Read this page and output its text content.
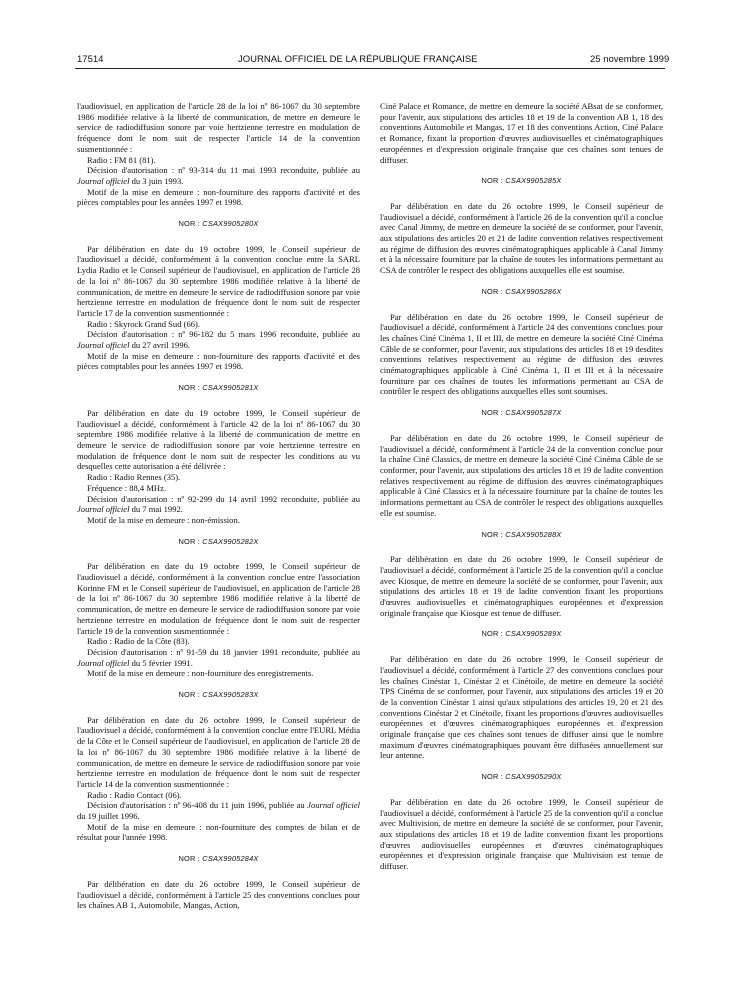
17514	JOURNAL OFFICIEL DE LA RÉPUBLIQUE FRANÇAISE	25 novembre 1999

l'audiovisuel, en application de l'article 28 de la loi nº 86-1067 du 30 septembre 1986 modifiée relative à la liberté de communication, de mettre en demeure le service de radiodiffusion sonore par voie hertzienne terrestre en modulation de fréquence dont le nom suit de respecter l'article 14 de la convention susmentionnée :

Radio : FM 81 (81).

Décision d'autorisation : nº 93-314 du 11 mai 1993 reconduite, publiée au Journal officiel du 3 juin 1993.

Motif de la mise en demeure : non-fourniture des rapports d'activité et des pièces comptables pour les années 1997 et 1998.

NOR : CSAX9905280X

Par délibération en date du 19 octobre 1999, le Conseil supérieur de l'audiovisuel a décidé, conformément à la convention conclue entre la SARL Lydia Radio et le Conseil supérieur de l'audiovisuel, en application de l'article 28 de la loi nº 86-1067 du 30 septembre 1986 modifiée relative à la liberté de communication, de mettre en demeure le service de radiodiffusion sonore par voie hertzienne terrestre en modulation de fréquence dont le nom suit de respecter l'article 17 de la convention susmentionnée :

Radio : Skyrock Grand Sud (66).

Décision d'autorisation : nº 96-182 du 5 mars 1996 reconduite, publiée au Journal officiel du 27 avril 1996.

Motif de la mise en demeure : non-fourniture des rapports d'activité et des pièces comptables pour les années 1997 et 1998.

NOR : CSAX9905281X

Par délibération en date du 19 octobre 1999, le Conseil supérieur de l'audiovisuel a décidé, conformément à l'article 42 de la loi nº 86-1067 du 30 septembre 1986 modifiée relative à la liberté de communication de mettre en demeure le service de radiodiffusion sonore par voie hertzienne terrestre en modulation de fréquence dont le nom suit de respecter les conditions au vu desquelles cette autorisation a été délivrée :

Radio : Radio Rennes (35).

Fréquence : 88,4 MHz.

Décision d'autorisation : nº 92-299 du 14 avril 1992 reconduite, publiée au Journal officiel du 7 mai 1992.

Motif de la mise en demeure : non-émission.

NOR : CSAX9905282X

Par délibération en date du 19 octobre 1999, le Conseil supérieur de l'audiovisuel a décidé, conformément à la convention conclue entre l'association Korinne FM et le Conseil supérieur de l'audiovisuel, en application de l'article 28 de la loi nº 86-1067 du 30 septembre 1986 modifiée relative à la liberté de communication, de mettre en demeure le service de radiodiffusion sonore par voie hertzienne terrestre en modulation de fréquence dont le nom suit de respecter l'article 19 de la convention susmentionnée :

Radio : Radio de la Côte (83).

Décision d'autorisation : nº 91-59 du 18 janvier 1991 reconduite, publiée au Journal officiel du 5 février 1991.

Motif de la mise en demeure : non-fourniture des enregistrements.

NOR : CSAX9905283X

Par délibération en date du 26 octobre 1999, le Conseil supérieur de l'audiovisuel a décidé, conformément à la convention conclue entre l'EURL Média de la Côte et le Conseil supérieur de l'audiovisuel, en application de l'article 28 de la loi nº 86-1067 du 30 septembre 1986 modifiée relative à la liberté de communication, de mettre en demeure le service de radiodiffusion sonore par voie hertzienne terrestre en modulation de fréquence dont le nom suit de respecter l'article 14 de la convention susmentionnée :

Radio : Radio Contact (06).

Décision d'autorisation : nº 96-408 du 11 juin 1996, publiée au Journal officiel du 19 juillet 1996.

Motif de la mise en demeure : non-fourniture des comptes de bilan et de résultat pour l'année 1998.

NOR : CSAX9905284X

Par délibération en date du 26 octobre 1999, le Conseil supérieur de l'audiovisuel a décidé, conformément à l'article 25 des conventions conclues pour les chaînes AB 1, Automobile, Mangas, Action,

Ciné Palace et Romance, de mettre en demeure la société ABsat de se conformer, pour l'avenir, aux stipulations des articles 18 et 19 de la convention AB 1, 18 des conventions Automobile et Mangas, 17 et 18 des conventions Action, Ciné Palace et Romance, fixant la proportion d'œuvres audiovisuelles et cinématographiques européennes et d'expression originale française que ces chaînes sont tenues de diffuser.

NOR : CSAX9905285X

Par délibération en date du 26 octobre 1999, le Conseil supérieur de l'audiovisuel a décidé, conformément à l'article 26 de la convention qu'il a conclue avec Canal Jimmy, de mettre en demeure la société de se conformer, pour l'avenir, aux stipulations des articles 20 et 21 de ladite convention relatives respectivement au régime de diffusion des œuvres cinématographiques applicable à Canal Jimmy et à la nécessaire fourniture par la chaîne de toutes les informations permettant au CSA de contrôler le respect des obligations auxquelles elle est soumise.

NOR : CSAX9905286X

Par délibération en date du 26 octobre 1999, le Conseil supérieur de l'audiovisuel a décidé, conformément à l'article 24 des conventions conclues pour les chaînes Ciné Cinéma 1, II et III, de mettre en demeure la société Ciné Cinéma Câble de se conformer, pour l'avenir, aux stipulations des articles 18 et 19 desdites conventions relatives respectivement au régime de diffusion des œuvres cinématographiques applicable à Ciné Cinéma 1, II et III et à la nécessaire fourniture par ces chaînes de toutes les informations permettant au CSA de contrôler le respect des obligations auxquelles elles sont soumises.

NOR : CSAX9905287X

Par délibération en date du 26 octobre 1999, le Conseil supérieur de l'audiovisuel a décidé, conformément à l'article 24 de la convention conclue pour la chaîne Ciné Classics, de mettre en demeure la société Ciné Cinéma Câble de se conformer, pour l'avenir, aux stipulations des articles 18 et 19 de ladite convention relatives respectivement au régime de diffusion des œuvres cinématographiques applicable à Ciné Classics et à la nécessaire fourniture par la chaîne de toutes les informations permettant au CSA de contrôler le respect des obligations auxquelles elle est soumise.

NOR : CSAX9905288X

Par délibération en date du 26 octobre 1999, le Conseil supérieur de l'audiovisuel a décidé, conformément à l'article 25 de la convention qu'il a conclue avec Kiosque, de mettre en demeure la société de se conformer, pour l'avenir, aux stipulations des articles 18 et 19 de ladite convention fixant les proportions d'œuvres audiovisuelles et cinématographiques européennes et d'expression originale française que Kiosque est tenue de diffuser.

NOR : CSAX9905289X

Par délibération en date du 26 octobre 1999, le Conseil supérieur de l'audiovisuel a décidé, conformément à l'article 27 des conventions conclues pour les chaînes Cinéstar 1, Cinéstar 2 et Cinétoile, de mettre en demeure la société TPS Cinéma de se conformer, pour l'avenir, aux stipulations des articles 19 et 20 de la convention Cinéstar 1 ainsi qu'aux stipulations des articles 19, 20 et 21 des conventions Cinéstar 2 et Cinétoile, fixant les proportions d'œuvres audiovisuelles européennes et d'œuvres cinématographiques européennes et d'expression originale française que ces chaînes sont tenues de diffuser ainsi que le nombre maximum d'œuvres cinématographiques pouvant être diffusées annuellement sur leur antenne.

NOR : CSAX9905290X

Par délibération en date du 26 octobre 1999, le Conseil supérieur de l'audiovisuel a décidé, conformément à l'article 25 de la convention qu'il a conclue avec Multivision, de mettre en demeure la société de se conformer, pour l'avenir, aux stipulations des articles 18 et 19 de ladite convention fixant les proportions d'œuvres audiovisuelles européennes et d'œuvres cinématographiques européennes et d'expression originale française que Multivision est tenue de diffuser.
